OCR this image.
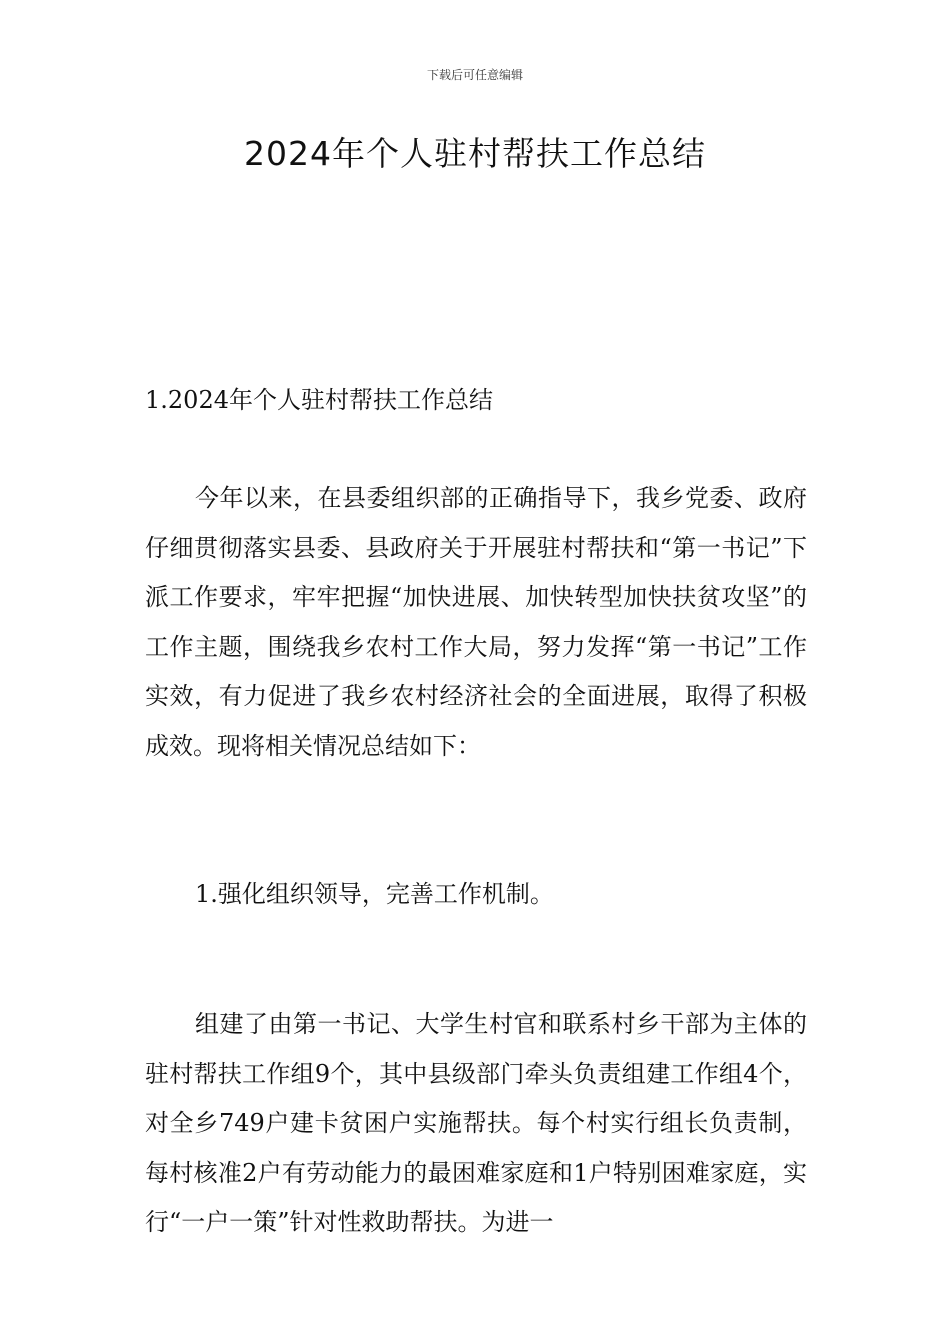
下载后可任意编辑
2024年个人驻村帮扶工作总结

1.2024年个人驻村帮扶工作总结

今年以来，在县委组织部的正确指导下，我乡党委、政府仔细贯彻落实县委、县政府关于开展驻村帮扶和“第一书记”下派工作要求，牢牢把握“加快进展、加快转型加快扶贫攻坚”的工作主题，围绕我乡农村工作大局，努力发挥“第一书记”工作实效，有力促进了我乡农村经济社会的全面进展，取得了积极成效。现将相关情况总结如下：

1.强化组织领导，完善工作机制。

组建了由第一书记、大学生村官和联系村乡干部为主体的驻村帮扶工作组9个，其中县级部门牵头负责组建工作组4个，对全乡749户建卡贫困户实施帮扶。每个村实行组长负责制，每村核准2户有劳动能力的最困难家庭和1户特别困难家庭，实行“一户一策”针对性救助帮扶。为进一
